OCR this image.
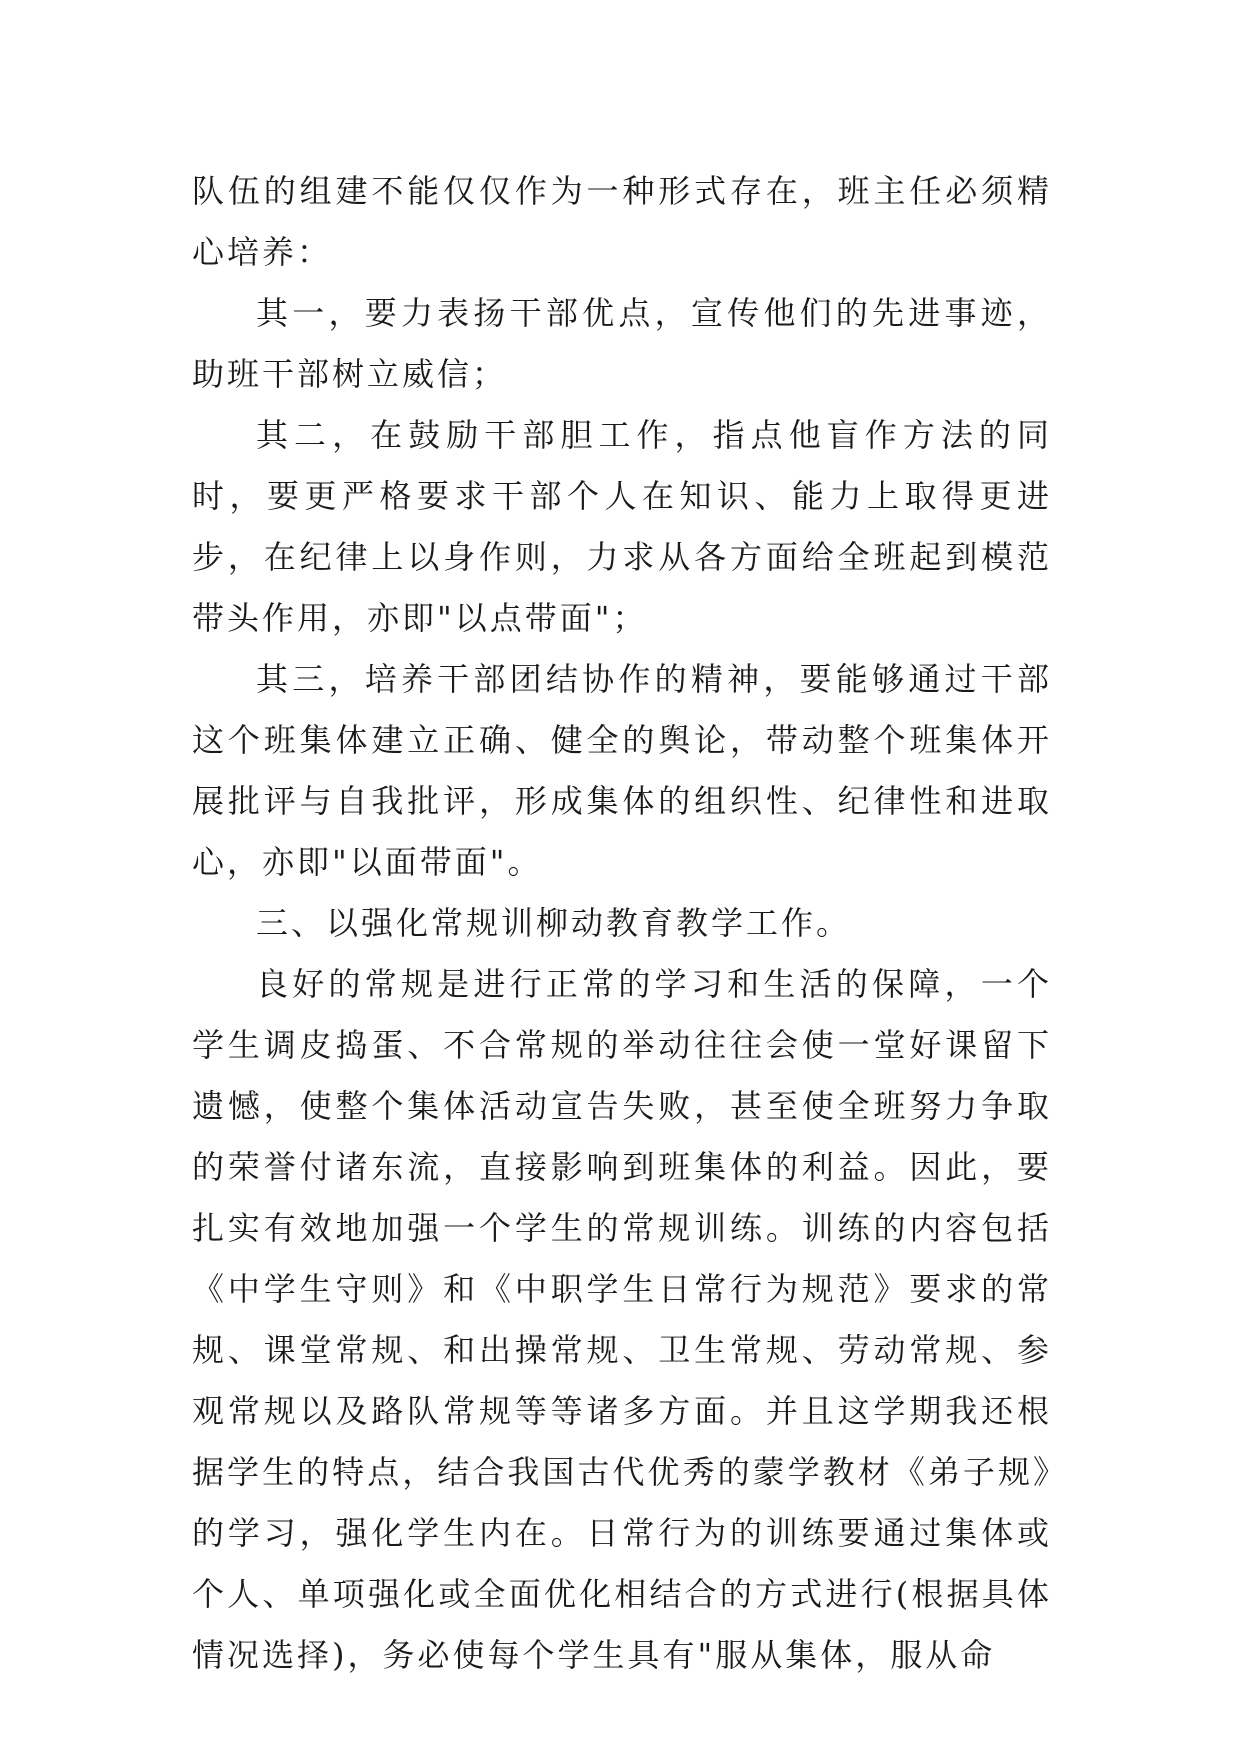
队伍的组建不能仅仅作为一种形式存在，班主任必须精心培养：

其一，要力表扬干部优点，宣传他们的先进事迹，助班干部树立威信；

其二，在鼓励干部胆工作，指点他盲作方法的同时，要更严格要求干部个人在知识、能力上取得更进步，在纪律上以身作则，力求从各方面给全班起到模范带头作用，亦即"以点带面"；

其三，培养干部团结协作的精神，要能够通过干部这个班集体建立正确、健全的舆论，带动整个班集体开展批评与自我批评，形成集体的组织性、纪律性和进取心，亦即"以面带面"。

三、以强化常规训柳动教育教学工作。

良好的常规是进行正常的学习和生活的保障，一个学生调皮捣蛋、不合常规的举动往往会使一堂好课留下遗憾，使整个集体活动宣告失败，甚至使全班努力争取的荣誉付诸东流，直接影响到班集体的利益。因此，要扎实有效地加强一个学生的常规训练。训练的内容包括《中学生守则》和《中职学生日常行为规范》要求的常规、课堂常规、和出操常规、卫生常规、劳动常规、参观常规以及路队常规等等诸多方面。并且这学期我还根据学生的特点，结合我国古代优秀的蒙学教材《弟子规》的学习，强化学生内在。日常行为的训练要通过集体或个人、单项强化或全面优化相结合的方式进行(根据具体情况选择)，务必使每个学生具有"服从集体，服从命
